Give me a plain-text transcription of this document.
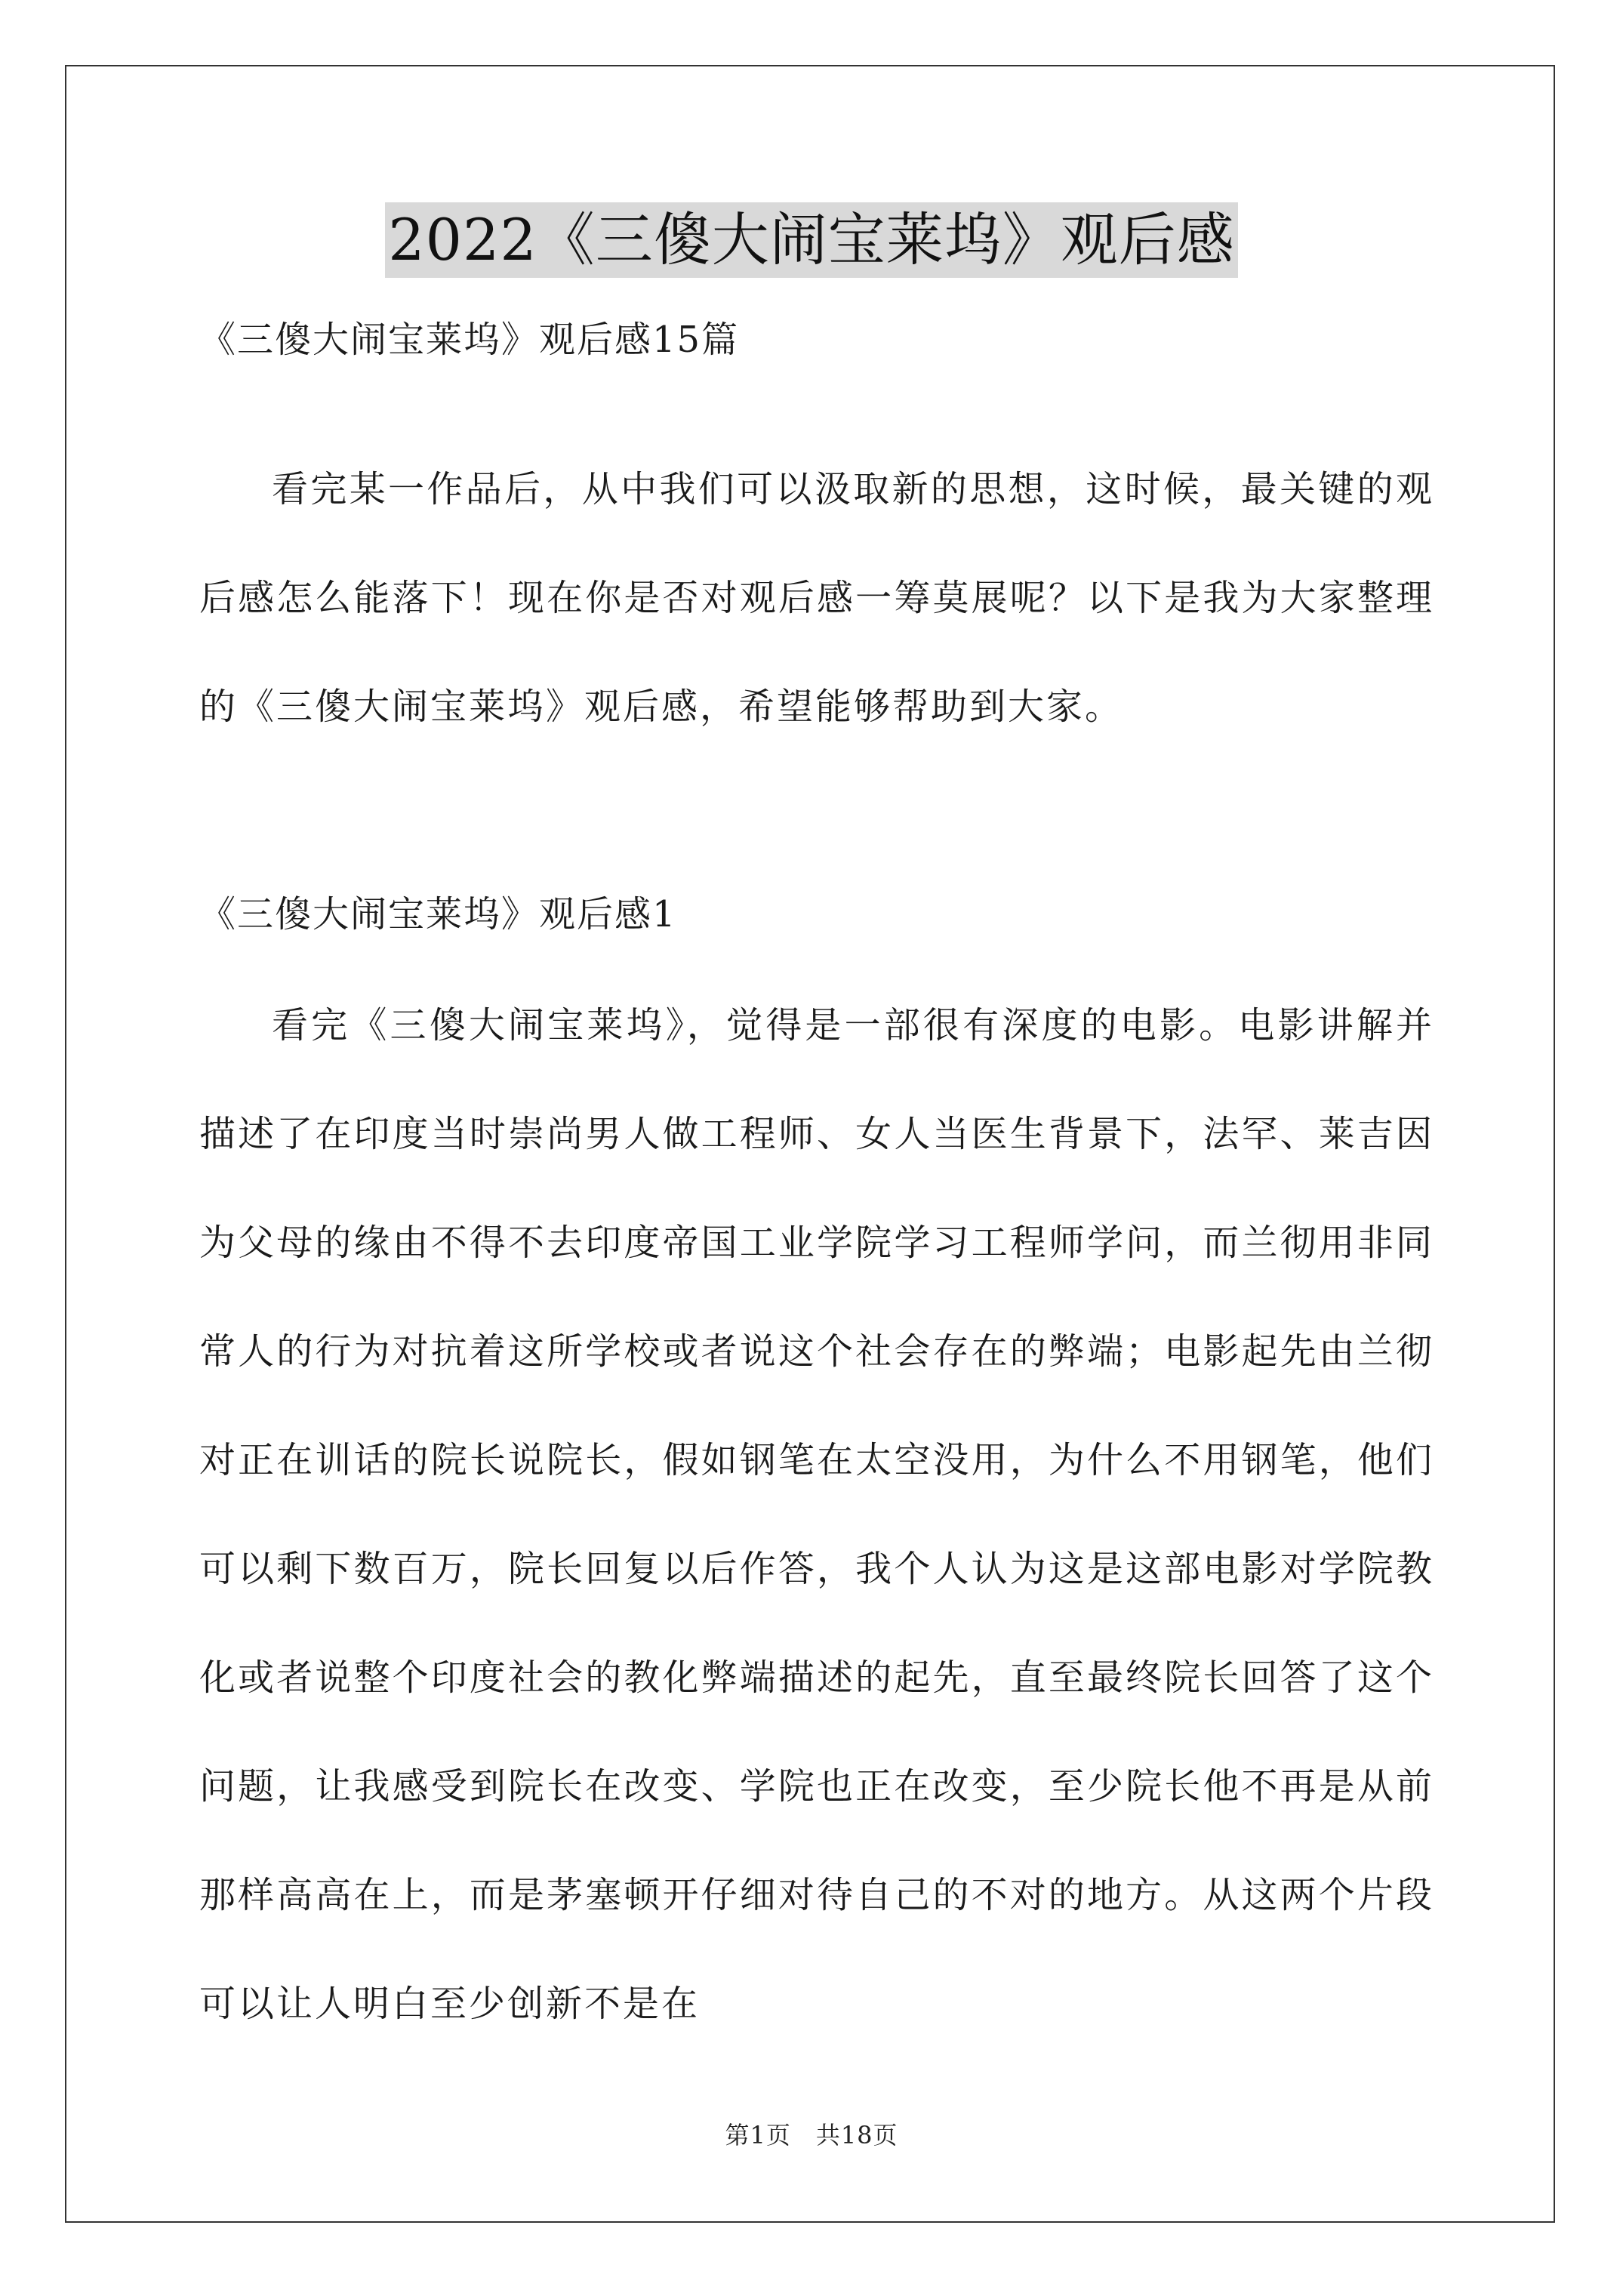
2022《三傻大闹宝莱坞》观后感
《三傻大闹宝莱坞》观后感15篇

看完某一作品后，从中我们可以汲取新的思想，这时候，最关键的观后感怎么能落下！现在你是否对观后感一筹莫展呢？以下是我为大家整理的《三傻大闹宝莱坞》观后感，希望能够帮助到大家。

《三傻大闹宝莱坞》观后感1

看完《三傻大闹宝莱坞》，觉得是一部很有深度的电影。电影讲解并描述了在印度当时崇尚男人做工程师、女人当医生背景下，法罕、莱吉因为父母的缘由不得不去印度帝国工业学院学习工程师学问，而兰彻用非同常人的行为对抗着这所学校或者说这个社会存在的弊端；电影起先由兰彻对正在训话的院长说院长，假如钢笔在太空没用，为什么不用钢笔，他们可以剩下数百万，院长回复以后作答，我个人认为这是这部电影对学院教化或者说整个印度社会的教化弊端描述的起先，直至最终院长回答了这个问题，让我感受到院长在改变、学院也正在改变，至少院长他不再是从前那样高高在上，而是茅塞顿开仔细对待自己的不对的地方。从这两个片段可以让人明白至少创新不是在

第1页　共18页
